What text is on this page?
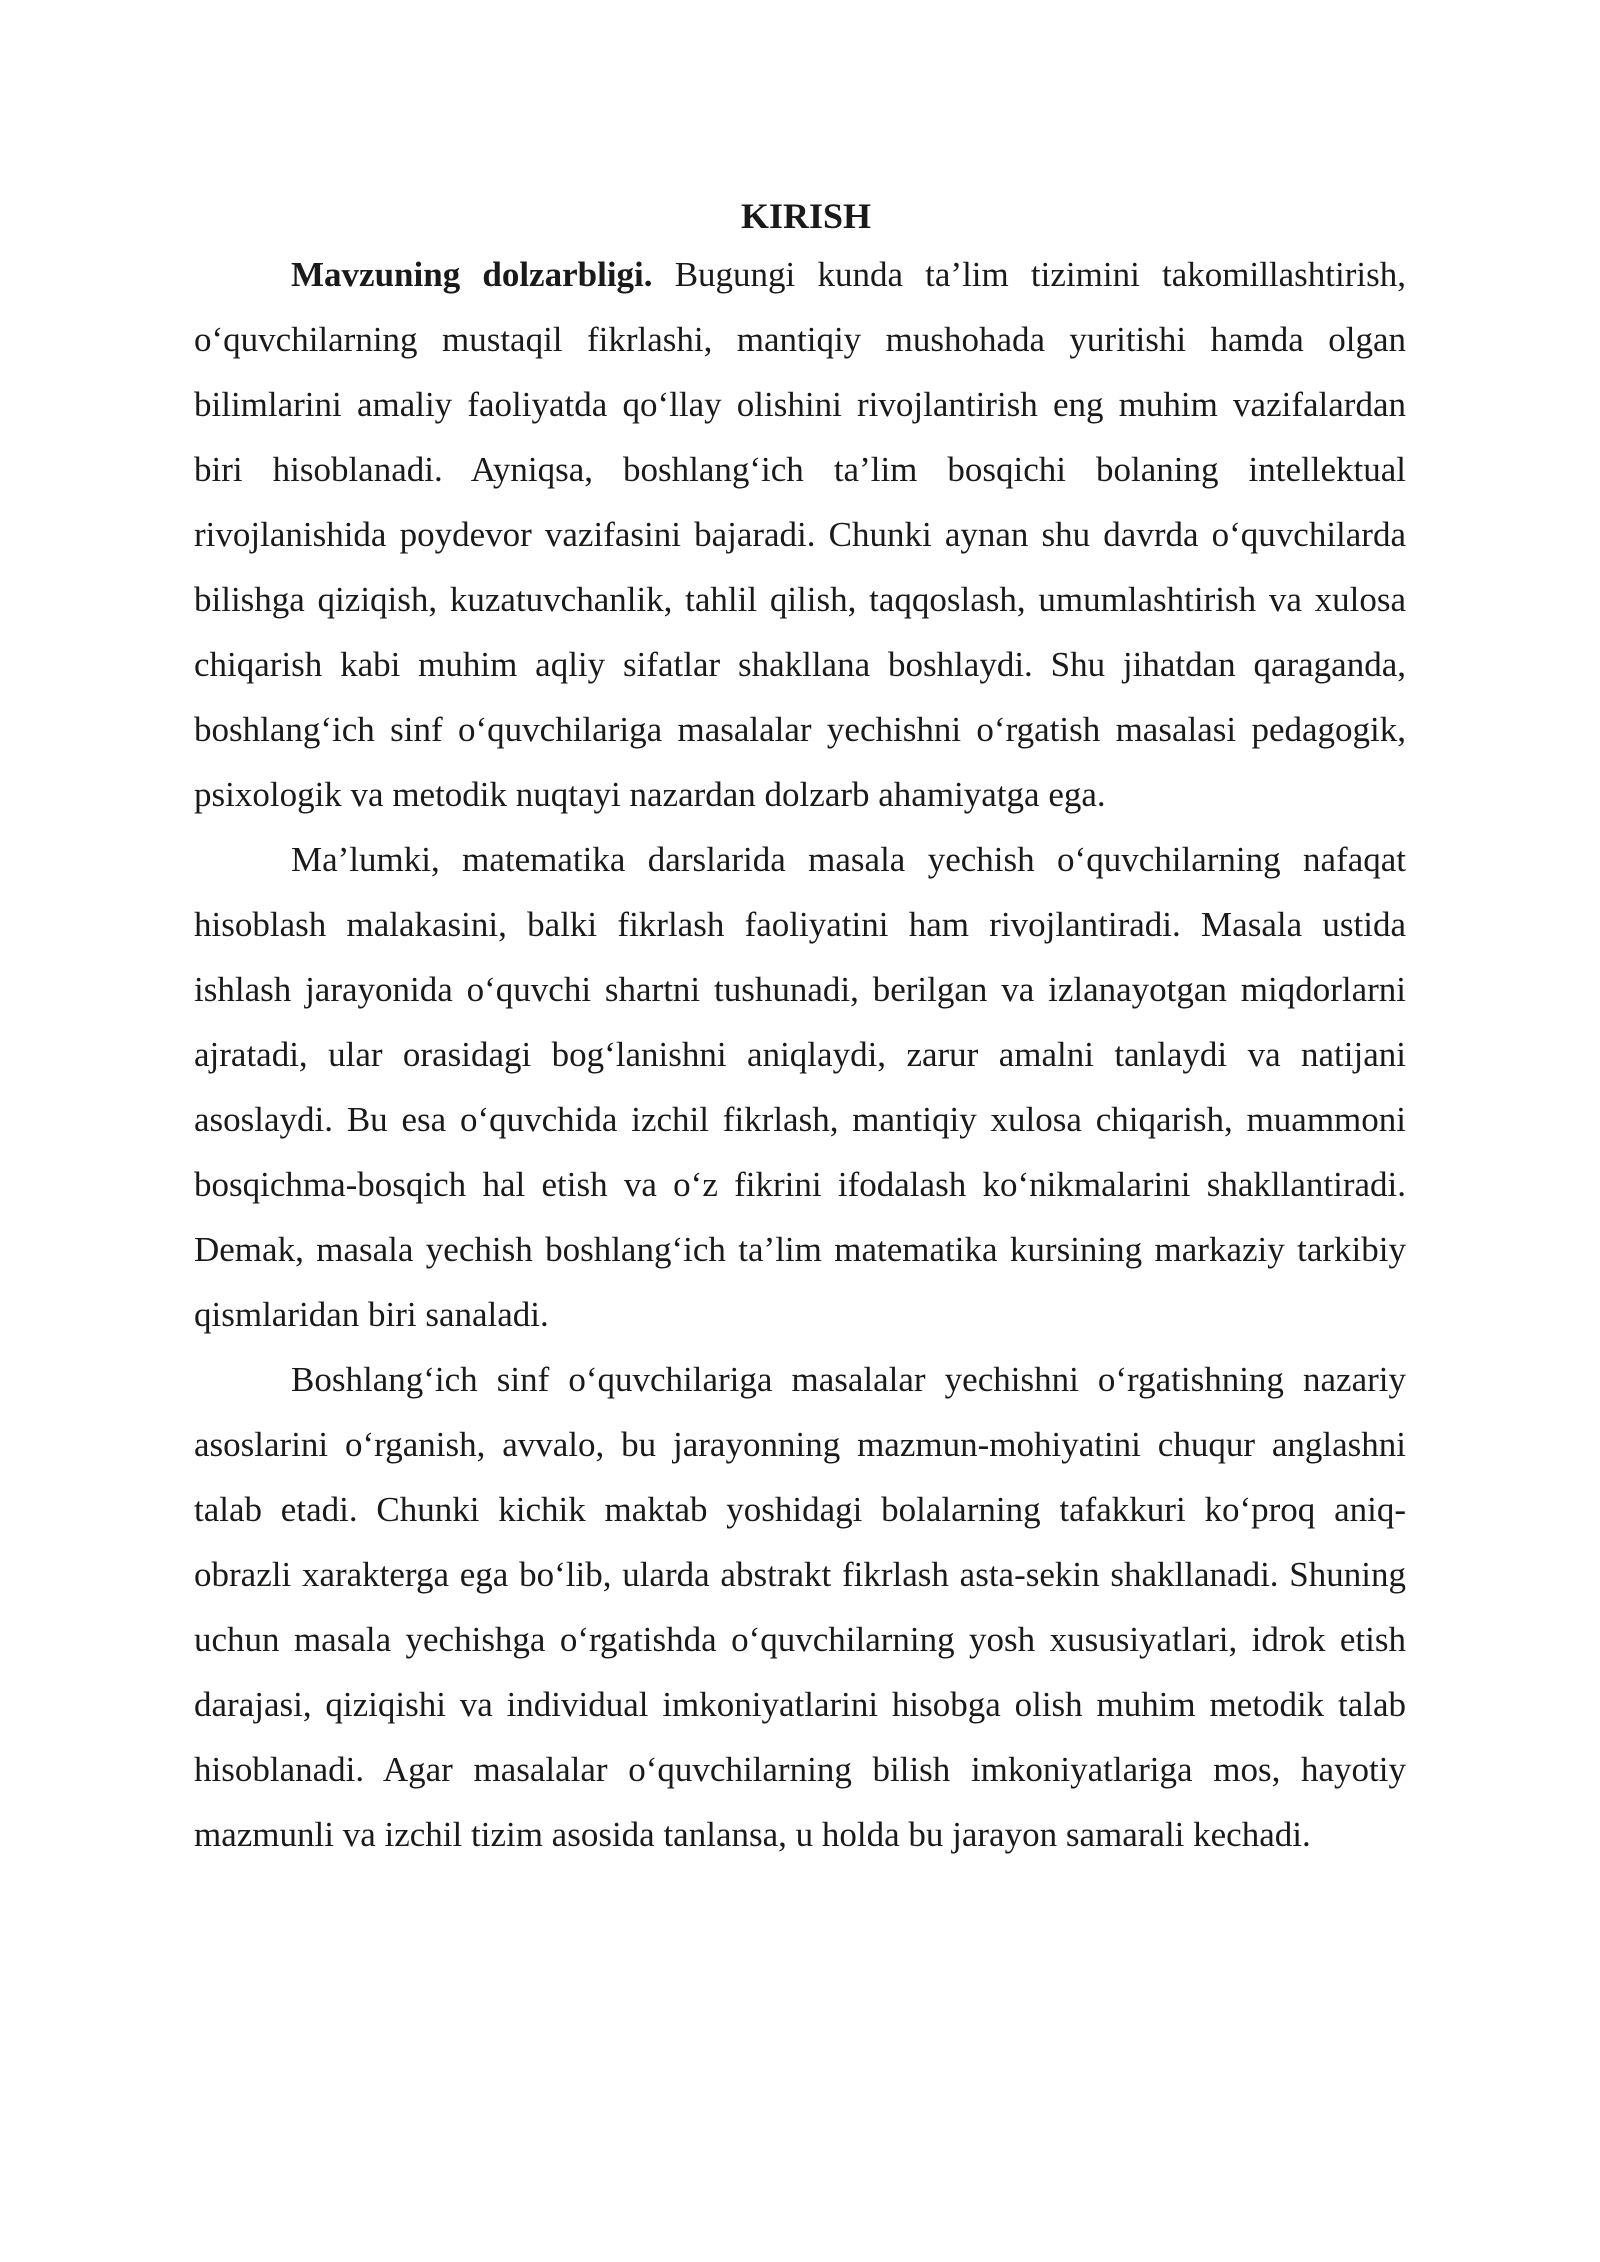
KIRISH

Mavzuning dolzarbligi. Bugungi kunda ta’lim tizimini takomillashtirish, o‘quvchilarning mustaqil fikrlashi, mantiqiy mushohada yuritishi hamda olgan bilimlarini amaliy faoliyatda qo‘llay olishini rivojlantirish eng muhim vazifalardan biri hisoblanadi. Ayniqsa, boshlang‘ich ta’lim bosqichi bolaning intellektual rivojlanishida poydevor vazifasini bajaradi. Chunki aynan shu davrda o‘quvchilarda bilishga qiziqish, kuzatuvchanlik, tahlil qilish, taqqoslash, umumlashtirish va xulosa chiqarish kabi muhim aqliy sifatlar shakllana boshlaydi. Shu jihatdan qaraganda, boshlang‘ich sinf o‘quvchilariga masalalar yechishni o‘rgatish masalasi pedagogik, psixologik va metodik nuqtayi nazardan dolzarb ahamiyatga ega.

Ma’lumki, matematika darslarida masala yechish o‘quvchilarning nafaqat hisoblash malakasini, balki fikrlash faoliyatini ham rivojlantiradi. Masala ustida ishlash jarayonida o‘quvchi shartni tushunadi, berilgan va izlanayotgan miqdorlarni ajratadi, ular orasidagi bog‘lanishni aniqlaydi, zarur amalni tanlaydi va natijani asoslaydi. Bu esa o‘quvchida izchil fikrlash, mantiqiy xulosa chiqarish, muammoni bosqichma-bosqich hal etish va o‘z fikrini ifodalash ko‘nikmalarini shakllantiradi. Demak, masala yechish boshlang‘ich ta’lim matematika kursining markaziy tarkibiy qismlaridan biri sanaladi.

Boshlang‘ich sinf o‘quvchilariga masalalar yechishni o‘rgatishning nazariy asoslarini o‘rganish, avvalo, bu jarayonning mazmun-mohiyatini chuqur anglashni talab etadi. Chunki kichik maktab yoshidagi bolalarning tafakkuri ko‘proq aniq-obrazli xarakterga ega bo‘lib, ularda abstrakt fikrlash asta-sekin shakllanadi. Shuning uchun masala yechishga o‘rgatishda o‘quvchilarning yosh xususiyatlari, idrok etish darajasi, qiziqishi va individual imkoniyatlarini hisobga olish muhim metodik talab hisoblanadi. Agar masalalar o‘quvchilarning bilish imkoniyatlariga mos, hayotiy mazmunli va izchil tizim asosida tanlansa, u holda bu jarayon samarali kechadi.
